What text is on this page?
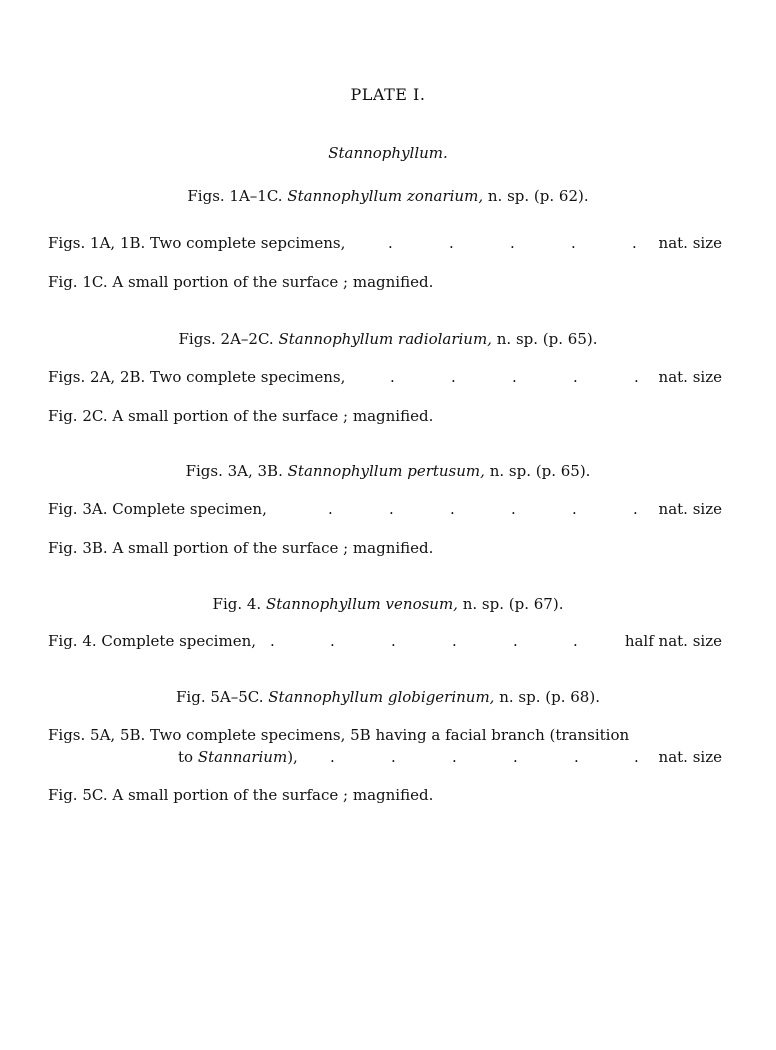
PLATE I.
Stannophyllum.
Figs. 1A–1C. Stannophyllum zonarium, n. sp. (p. 62).
Figs. 1A, 1B. Two complete sepcimens,	.	.	.	.	. nat. size
Fig. 1C. A small portion of the surface ; magnified.
Figs. 2A–2C. Stannophyllum radiolarium, n. sp. (p. 65).
Figs. 2A, 2B. Two complete specimens,	.	.	.	.	. nat. size
Fig. 2C. A small portion of the surface ; magnified.
Figs. 3A, 3B. Stannophyllum pertusum, n. sp. (p. 65).
Fig. 3A. Complete specimen,	.	.	.	.	.	. nat. size
Fig. 3B. A small portion of the surface ; magnified.
Fig. 4. Stannophyllum venosum, n. sp. (p. 67).
Fig. 4. Complete specimen, .	.	.	.	.	.	half nat. size
Fig. 5A–5C. Stannophyllum globigerinum, n. sp. (p. 68).
Figs. 5A, 5B. Two complete specimens, 5B having a facial branch (transition
to Stannarium), .	.	.	.	.	. nat. size
Fig. 5C. A small portion of the surface ; magnified.
